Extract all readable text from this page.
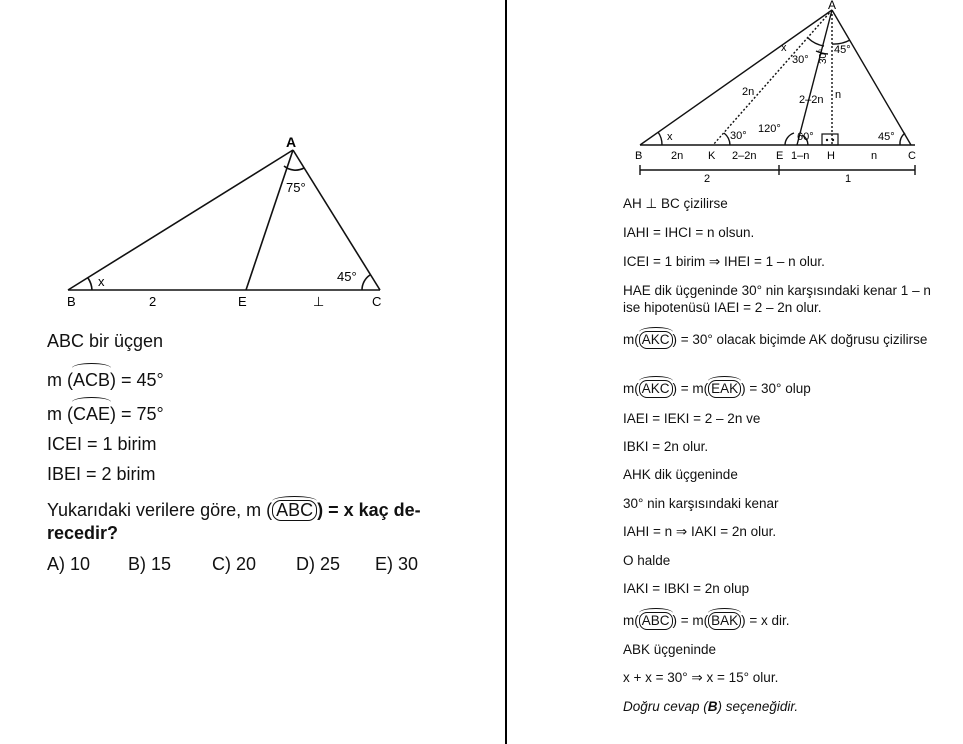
A
B	E	C
x
75°
45°
2	⊥
ABC bir üçgen
m (ACB) = 45°
m (CAE) = 75°
ICEI = 1 birim
IBEI = 2 birim
Yukarıdaki verilere göre, m ( ABC ) = x kaç de-
recedir?
A) 10 B) 15 C) 20 D) 25 E) 30
A
B	K	E	H	C
x
x
30° 30° 45°
30°
120°
60°	45°
2n
2–2n n
2n	2–2n	1–n	n
2	1
AH ⊥ BC çizilirse
IAHI = IHCI = n olsun.
ICEI = 1 birim ⇒ IHEI = 1 – n olur.
HAE dik üçgeninde 30° nin karşısındaki kenar 1 – n ise hipotenüsü IAEI = 2 – 2n olur.
m( AKC ) = 30° olacak biçimde AK doğrusu çizilirse
m( AKC ) = m( EAK ) = 30° olup
IAEI = IEKI = 2 – 2n ve
IBKI = 2n olur.
AHK dik üçgeninde
30° nin karşısındaki kenar
IAHI = n ⇒ IAKI = 2n olur.
O halde
IAKI = IBKI = 2n olup
m( ABC ) = m( BAK ) = x dir.
ABK üçgeninde
x + x = 30° ⇒ x = 15° olur.
Doğru cevap (B) seçeneğidir.
